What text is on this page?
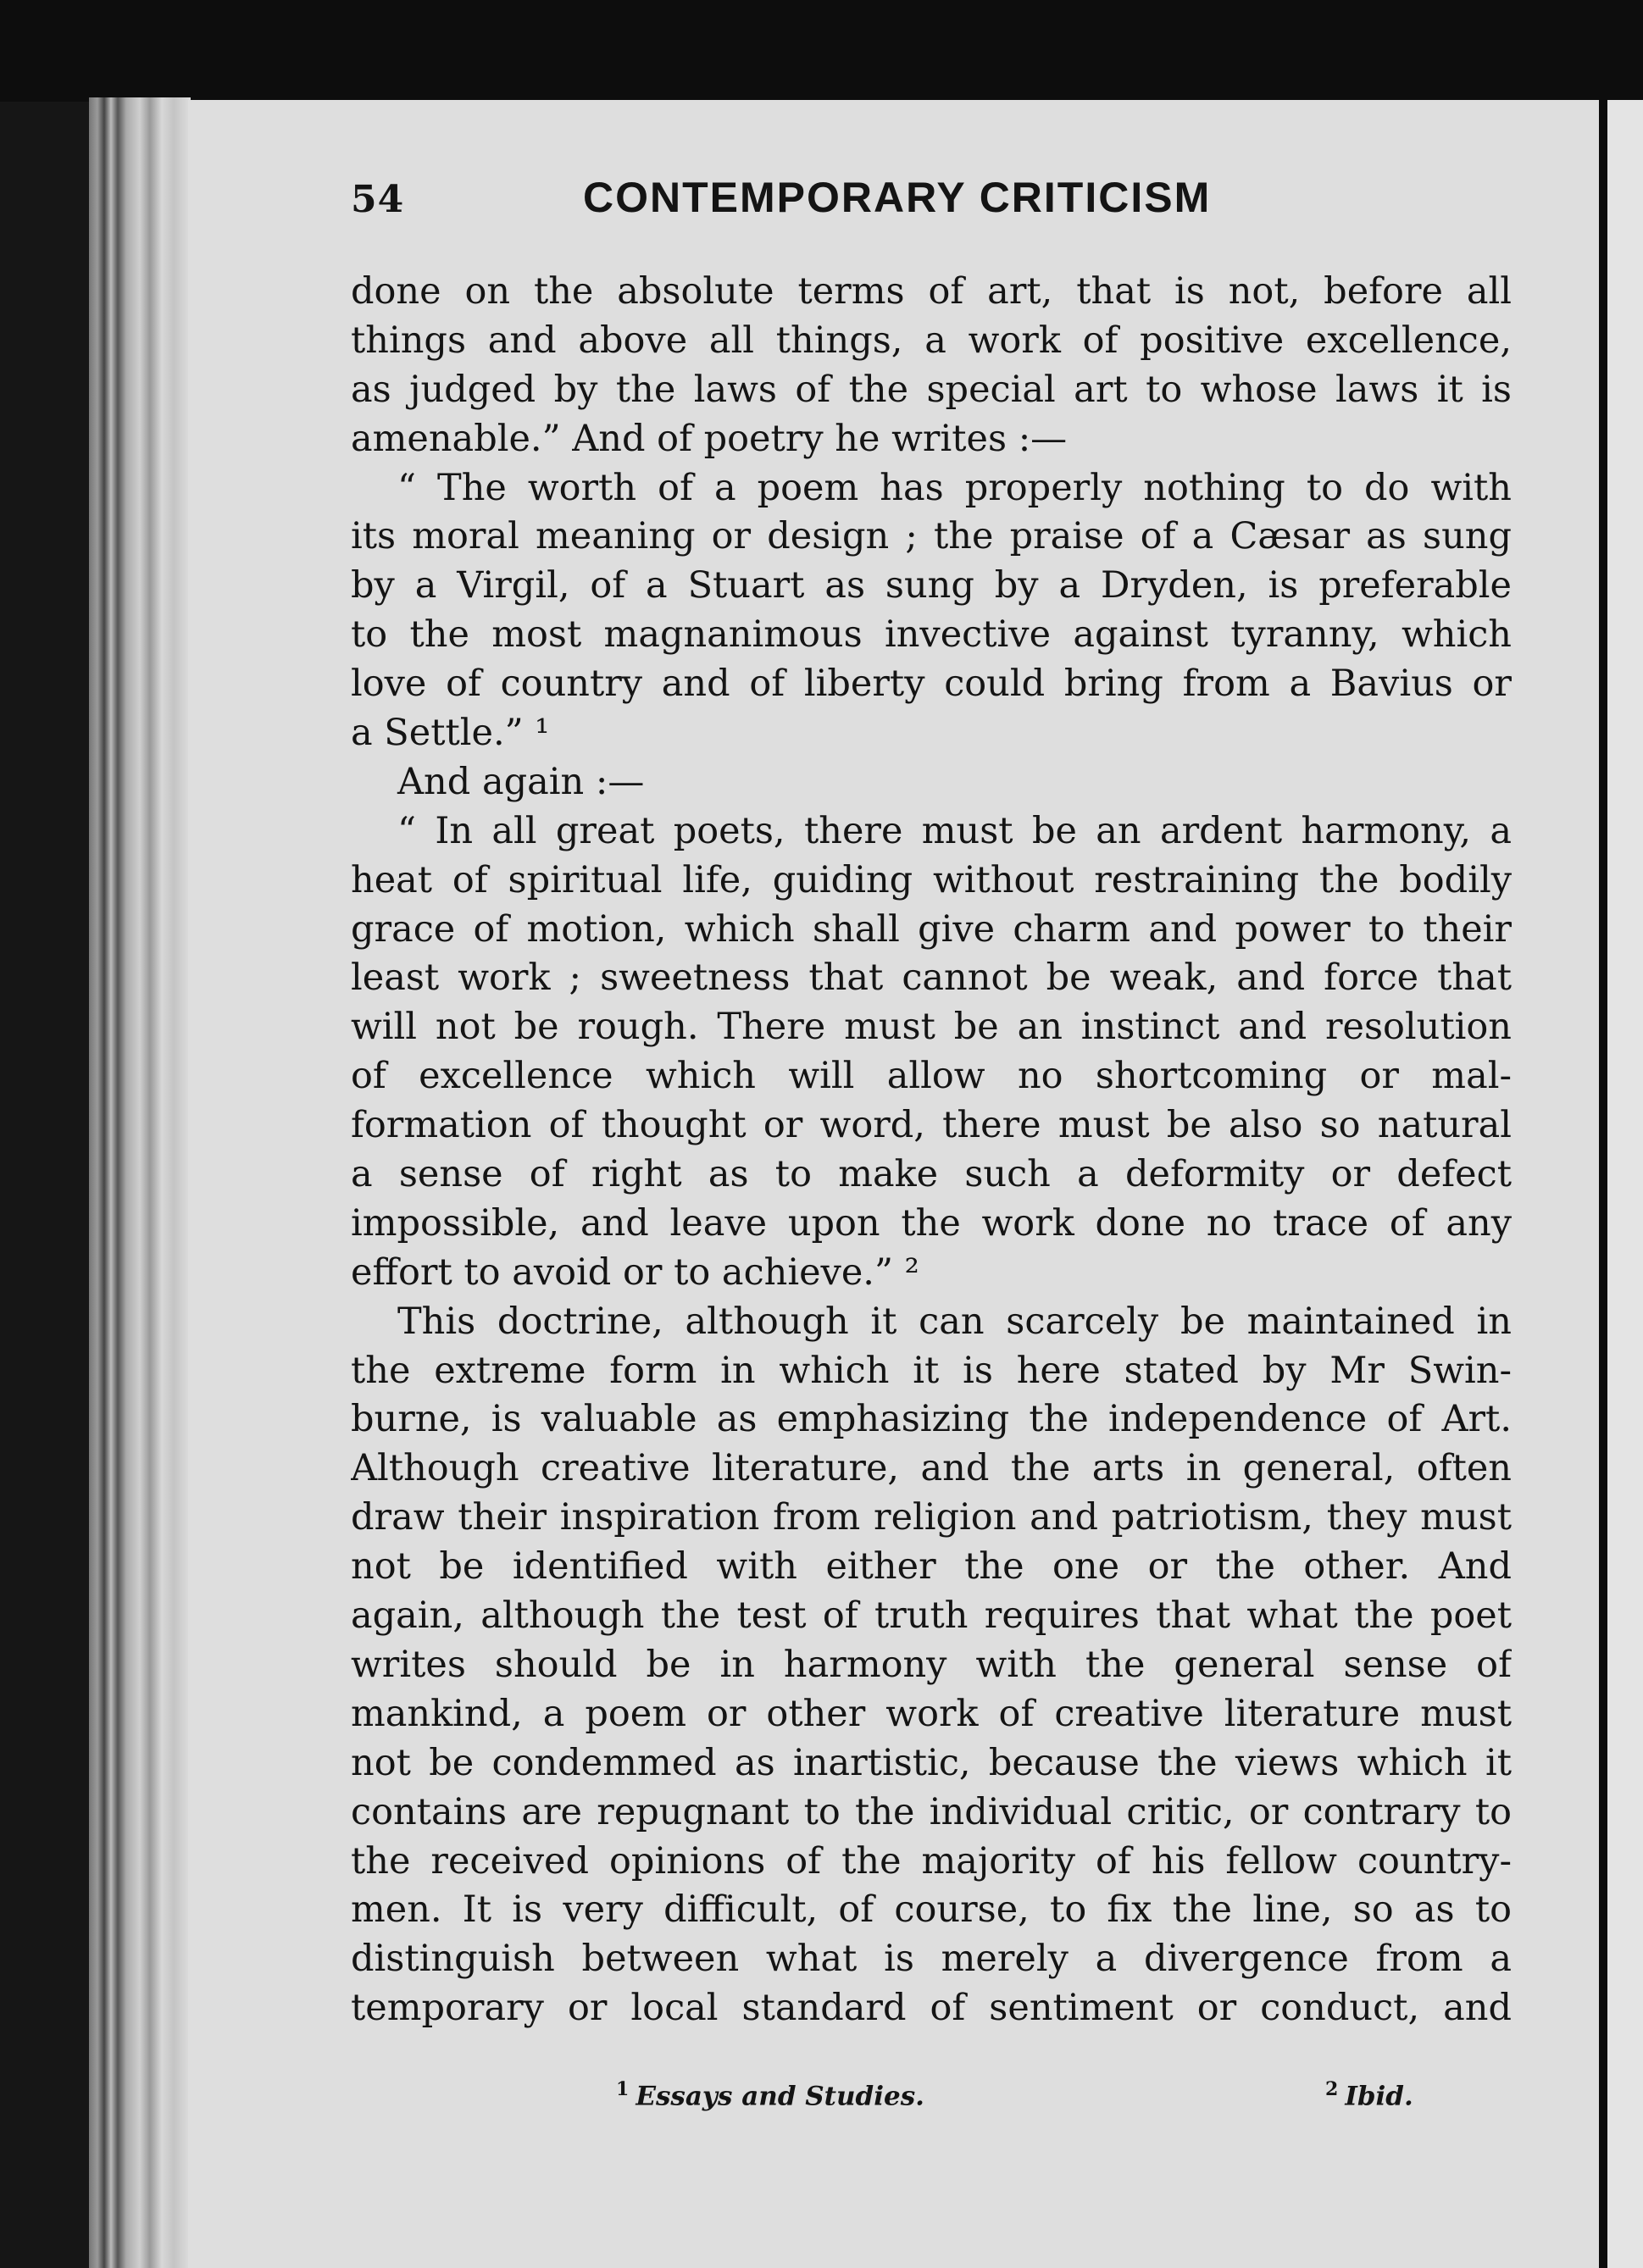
54	CONTEMPORARY CRITICISM
done on the absolute terms of art, that is not, before all
things and above all things, a work of positive excellence,
as judged by the laws of the special art to whose laws it is
amenable.” And of poetry he writes :—
“ The worth of a poem has properly nothing to do with
its moral meaning or design ; the praise of a Cæsar as sung
by a Virgil, of a Stuart as sung by a Dryden, is preferable
to the most magnanimous invective against tyranny, which
love of country and of liberty could bring from a Bavius or
a Settle.” ¹
And again :—
“ In all great poets, there must be an ardent harmony, a
heat of spiritual life, guiding without restraining the bodily
grace of motion, which shall give charm and power to their
least work ; sweetness that cannot be weak, and force that
will not be rough. There must be an instinct and resolution
of excellence which will allow no shortcoming or mal-
formation of thought or word, there must be also so natural
a sense of right as to make such a deformity or defect
impossible, and leave upon the work done no trace of any
effort to avoid or to achieve.” ²
This doctrine, although it can scarcely be maintained in
the extreme form in which it is here stated by Mr Swin-
burne, is valuable as emphasizing the independence of Art.
Although creative literature, and the arts in general, often
draw their inspiration from religion and patriotism, they must
not be identified with either the one or the other. And
again, although the test of truth requires that what the poet
writes should be in harmony with the general sense of
mankind, a poem or other work of creative literature must
not be condemmed as inartistic, because the views which it
contains are repugnant to the individual critic, or contrary to
the received opinions of the majority of his fellow country-
men. It is very difficult, of course, to fix the line, so as to
distinguish between what is merely a divergence from a
temporary or local standard of sentiment or conduct, and
$^1$ Essays and Studies.	$^2$ Ibid.
